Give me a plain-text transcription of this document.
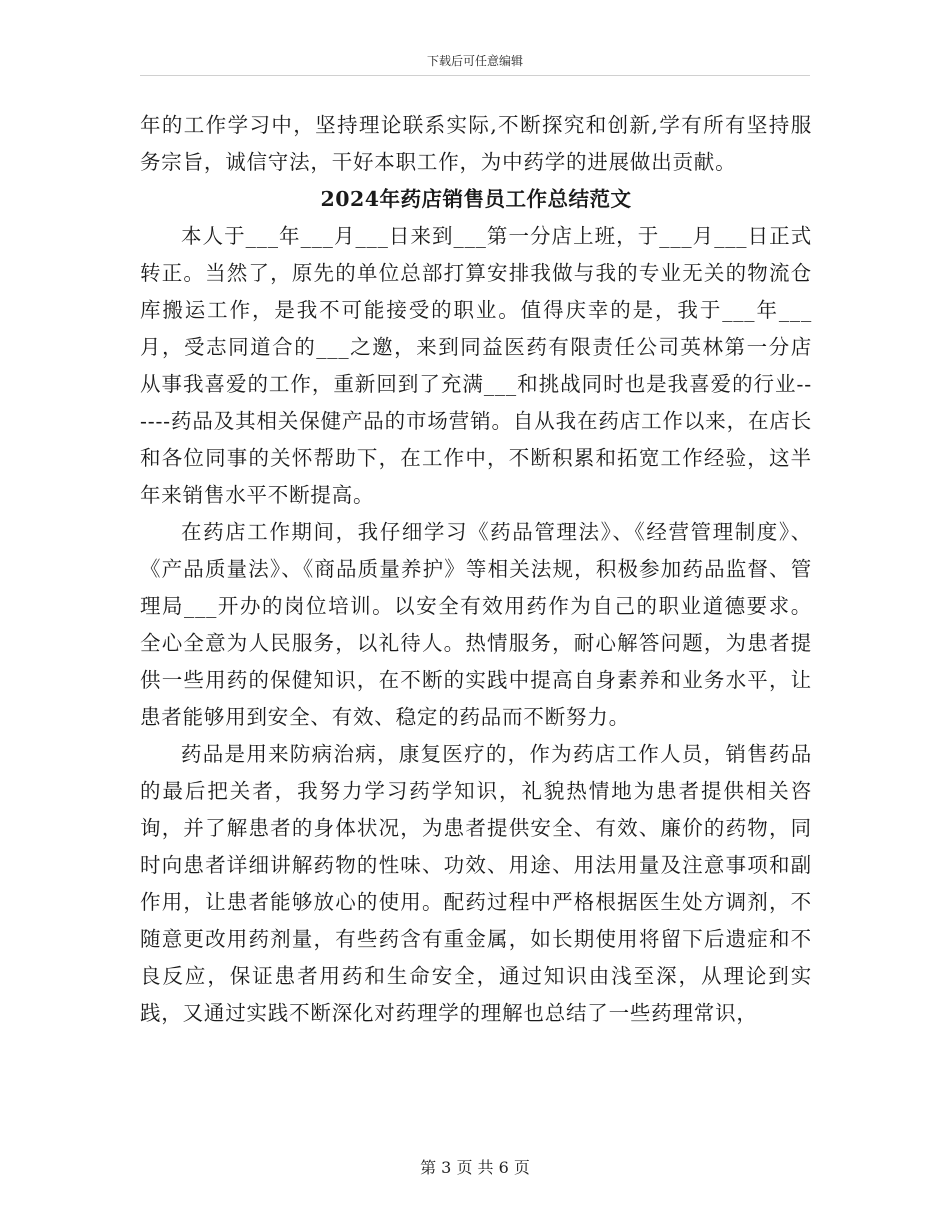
下载后可任意编辑

年的工作学习中，坚持理论联系实际,不断探究和创新,学有所有坚持服务宗旨，诚信守法，干好本职工作，为中药学的进展做出贡献。

2024年药店销售员工作总结范文

本人于___年___月___日来到___第一分店上班，于___月___日正式转正。当然了，原先的单位总部打算安排我做与我的专业无关的物流仓库搬运工作，是我不可能接受的职业。值得庆幸的是，我于___年___月，受志同道合的___之邀，来到同益医药有限责任公司英林第一分店从事我喜爱的工作，重新回到了充满___和挑战同时也是我喜爱的行业------药品及其相关保健产品的市场营销。自从我在药店工作以来，在店长和各位同事的关怀帮助下，在工作中，不断积累和拓宽工作经验，这半年来销售水平不断提高。

在药店工作期间，我仔细学习《药品管理法》、《经营管理制度》、《产品质量法》、《商品质量养护》等相关法规，积极参加药品监督、管理局___开办的岗位培训。以安全有效用药作为自己的职业道德要求。全心全意为人民服务，以礼待人。热情服务，耐心解答问题，为患者提供一些用药的保健知识，在不断的实践中提高自身素养和业务水平，让患者能够用到安全、有效、稳定的药品而不断努力。

药品是用来防病治病，康复医疗的，作为药店工作人员，销售药品的最后把关者，我努力学习药学知识，礼貌热情地为患者提供相关咨询，并了解患者的身体状况，为患者提供安全、有效、廉价的药物，同时向患者详细讲解药物的性味、功效、用途、用法用量及注意事项和副作用，让患者能够放心的使用。配药过程中严格根据医生处方调剂，不随意更改用药剂量，有些药含有重金属，如长期使用将留下后遗症和不良反应，保证患者用药和生命安全，通过知识由浅至深，从理论到实践，又通过实践不断深化对药理学的理解也总结了一些药理常识，

第 3 页 共 6 页
